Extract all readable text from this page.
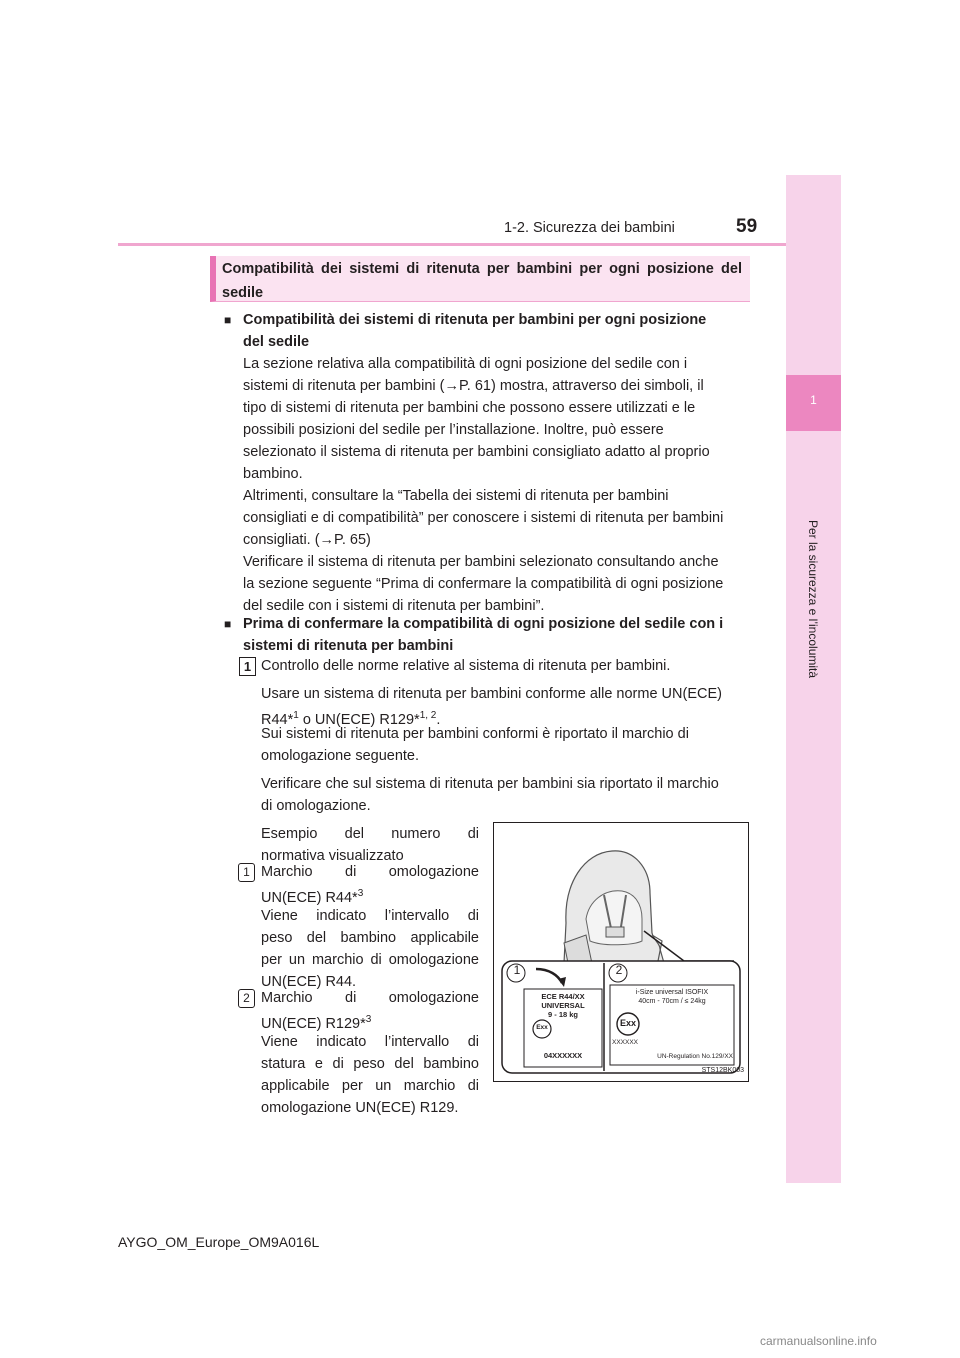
1
Per la sicurezza e l’incolumità
1-2. Sicurezza dei bambini	59
Compatibilità dei sistemi di ritenuta per bambini per ogni posizione del sedile
■ Compatibilità dei sistemi di ritenuta per bambini per ogni posizione
del sedile
La sezione relativa alla compatibilità di ogni posizione del sedile con i
sistemi di ritenuta per bambini (→P. 61) mostra, attraverso dei simboli, il
tipo di sistemi di ritenuta per bambini che possono essere utilizzati e le
possibili posizioni del sedile per l’installazione. Inoltre, può essere
selezionato il sistema di ritenuta per bambini consigliato adatto al proprio
bambino.
Altrimenti, consultare la “Tabella dei sistemi di ritenuta per bambini
consigliati e di compatibilità” per conoscere i sistemi di ritenuta per bambini
consigliati. (→P. 65)
Verificare il sistema di ritenuta per bambini selezionato consultando anche
la sezione seguente “Prima di confermare la compatibilità di ogni posizione
del sedile con i sistemi di ritenuta per bambini”.
■ Prima di confermare la compatibilità di ogni posizione del sedile con i
sistemi di ritenuta per bambini
1 Controllo delle norme relative al sistema di ritenuta per bambini.
Usare un sistema di ritenuta per bambini conforme alle norme UN(ECE)
R44*$^1$ o UN(ECE) R129*$^{1, 2}$.
Sui sistemi di ritenuta per bambini conformi è riportato il marchio di
omologazione seguente.
Verificare che sul sistema di ritenuta per bambini sia riportato il marchio
di omologazione.
Esempio del numero di
normativa visualizzato
1 Marchio di omologazione
UN(ECE) R44*$^3$
Viene indicato l’intervallo di
peso del bambino applicabile
per un marchio di omologazione
UN(ECE) R44.
2 Marchio di omologazione
UN(ECE) R129*$^3$
Viene indicato l’intervallo di
statura e di peso del bambino
applicabile per un marchio di
omologazione UN(ECE) R129.
1	2
ECE R44/XX
UNIVERSAL
9 - 18 kg
Exx
04XXXXXX
i-Size universal ISOFIX
40cm - 70cm / ≤ 24kg
Exx
XXXXXX
UN-Regulation No.129/XX
STS12BK003
AYGO_OM_Europe_OM9A016L
carmanualsonline.info
